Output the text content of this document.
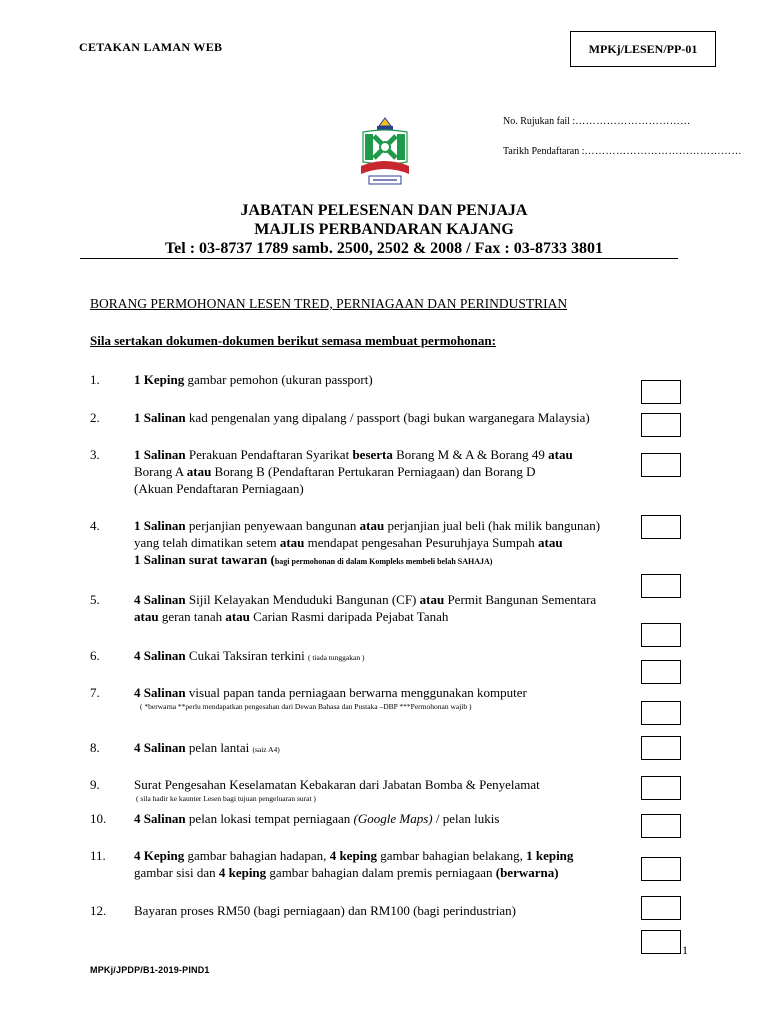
CETAKAN LAMAN WEB	MPKj/LESEN/PP-01
No. Rujukan fail :……………………………
Tarikh Pendaftaran :………………………………………
JABATAN PELESENAN DAN PENJAJA
MAJLIS PERBANDARAN KAJANG
Tel : 03-8737 1789 samb. 2500, 2502 & 2008 / Fax : 03-8733 3801
BORANG PERMOHONAN LESEN TRED, PERNIAGAAN DAN PERINDUSTRIAN
Sila sertakan dokumen-dokumen berikut semasa membuat permohonan:
1.	1 Keping gambar pemohon (ukuran passport)
2.	1 Salinan kad pengenalan yang dipalang / passport (bagi bukan warganegara Malaysia)
3.	1 Salinan Perakuan Pendaftaran Syarikat beserta Borang M & A & Borang 49 atau
Borang A atau Borang B (Pendaftaran Pertukaran Perniagaan) dan Borang D
(Akuan Pendaftaran Perniagaan)
4.	1 Salinan perjanjian penyewaan bangunan atau perjanjian jual beli (hak milik bangunan)
yang telah dimatikan setem atau mendapat pengesahan Pesuruhjaya Sumpah atau
1 Salinan surat tawaran (bagi permohonan di dalam Kompleks membeli belah SAHAJA)
5.	4 Salinan Sijil Kelayakan Menduduki Bangunan (CF) atau Permit Bangunan Sementara
atau geran tanah atau Carian Rasmi daripada Pejabat Tanah
6.	4 Salinan Cukai Taksiran terkini ( tiada tunggakan )
7.	4 Salinan visual papan tanda perniagaan berwarna menggunakan komputer
( *berwarna **perlu mendapatkan pengesahan dari Dewan Bahasa dan Pustaka –DBP ***Permohonan wajib )
8.	4 Salinan pelan lantai (saiz A4)
9.	Surat Pengesahan Keselamatan Kebakaran dari Jabatan Bomba & Penyelamat
( sila hadir ke kaunter Lesen bagi tujuan pengeluaran surat )
10. 4 Salinan pelan lokasi tempat perniagaan (Google Maps) / pelan lukis
11. 4 Keping gambar bahagian hadapan, 4 keping gambar bahagian belakang, 1 keping
gambar sisi dan 4 keping gambar bahagian dalam premis perniagaan (berwarna)
12. Bayaran proses RM50 (bagi perniagaan) dan RM100 (bagi perindustrian)
1
MPKj/JPDP/B1-2019-PIND1
